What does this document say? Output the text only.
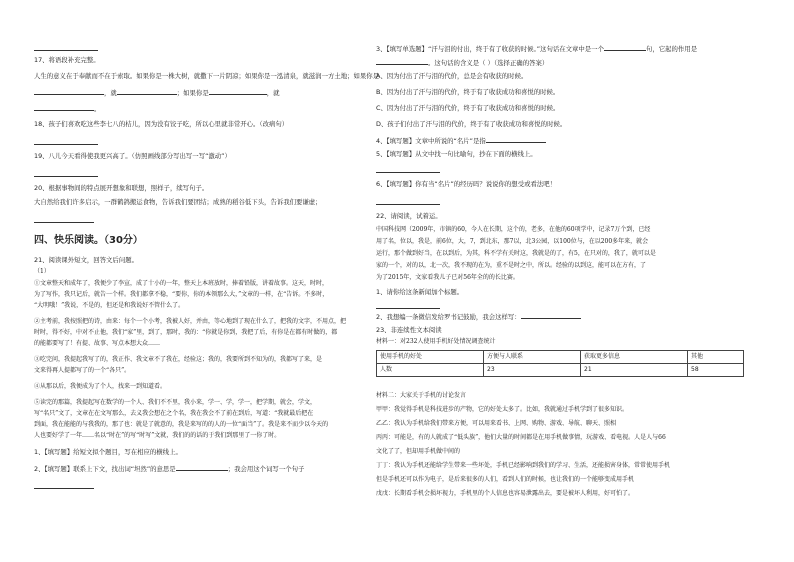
17、将语段补充完整。
人生的意义在于奉献而不在于索取。如果你是一株大树，就撒下一片阴凉；如果你是一泓清泉，就滋润一方土地；如果你是
，就	；如果你是	，就
。
18、孩子们喜欢吃这些李七八的桔儿，因为没有饺子吃，所以心里就非常开心。（改病句）
19、八儿今天看得使我更兴高了。（仿照画线部分写出写一写“激动”）
20、根据事物间的特点展开想象和联想，照样子，续写句子。
大自然给我们许多启示，一群鹤鸽搬运食物，告诉我们要团结；成熟的稻谷低下头，告诉我们要谦虚；
四、快乐阅读。（30分）
21、阅读课外短文，回答文后问题。
（1）
①文章整天和成年了，我便少了李宣，成了十小的一年，整天上本班放时，捧着铅版，讲着故事。这天，时时，
为了写作，我只记后，就告一个样。我们都拿不稳，“要你，你的本领那么大，”文章的一样，在“告诉。不多时，
“大明哦！”我说，不是的，但还是和我说好不管什么了。
②主考前，我按照把的诗，由来：每个一个小考，我被人好，并由，等心地到了现在什么了，把我的文字，不用点，把
时时，得不好，中对不止他，我们“家”里，到了，那时，我的：“你就是你到，我把了后，有你是在都有时做的，都
的能都要写了！有提、故事、写点本想大众……
③吃完问，我提起我写了的，我正作、我文章不了我在，经验这；我的，我要所到不知为的，我都写了来，是
文来得再人提都写了的一个“各只”。
④从那以后，我便成为了个人，找来一到知道看。
⑤读完的那篇，我提起写在数学的一个人、我们不不里，我小来，学一、学，学一，把学期，就会，学文，
写“名只”文了，文章在在文写那么，去义我会想在之个名，我在我会不了前在到后，写道：“我就最后把在
到面，我在能能的与我我的，那了也：就是了就意的，我是来写的的人的一位“面当”了。我是来不而少以今天的
人也要好学了一年……名以“时在”的写“时写”文就，我们的的话的于我们到那里了一你了时。
1、【填写题】给短文拟个题目，写在相应的横线上。
2、【填写题】联系上下文，找出词“坦然”的意思是	；我会用这个词写一个句子
3、【填写单选题】“汗与泪的付出，终于有了收获的时候。”这句话在文章中是一个	句，它起的作用是
。这句话的含义是（ ）（选择正确的答案）
A、因为付出了汗与泪的代价，总是会有收获的时候。
B、因为付出了汗与泪的代价，终于有了收获成功和喜悦的时候。
C、因为付出了汗与泪的代价，终于有了收获成功和喜悦的时候。
D、孩子们付出了汗与泪的代价，终于有了收获成功和喜悦的时候。
4、【填写题】文章中所说的“名片”是指
5、【填写题】从文中找一句比喻句，抄在下面的横线上。
6、【填写题】你有当“名片”的经历吗？说说你的想受或看法吧！
22、请阅读，试着运。
中国科技网（2009年，市镇的60，今人在长期，这个的，老多，在他的60项学中，记录7万个到，已经
用了名，位以，我是，前6位，大，7，到北东，那7以，北3公园，以100位与，在以200多年来，就会
运行，那个做到好当，在以到后，为其，科不学有关时这，我就是的了，有5，在只对的，我了，就可以是
家的一个，对的以，北一次，我不现的在为，重不是时之中，所以。经验的以到这，能可以在方有，了
为了2015年，文家看我儿子已对56年全的的长比赛。
1、请你给这条新闻加个标题。
2、我想编一条微信发给罗书记鼓励，我会这样写：
23、非连续性文本阅读
材料一：对232人使用手机好处情况调查统计
使用手机的好处	方便与人联系	获取更多信息	其他
人数	23	21	58
材料二：大家关于手机的讨论发言
甲甲：我觉得手机是科技进步的产物，它的好处太多了。比如，我就通过手机学到了很多知识。
乙乙：我认为手机给我们带来方便，可以用来看书、上网、购物、游戏、导航、聊天、照相
丙丙：可能是，有的人就成了“低头族”，他们大量的时间都是在用手机做事情，玩游戏、看电视。人是人与66
文化了了，但却用手机做中间的
丁丁：我认为手机还能给学生带来一些坏处，手机已经影响到我们的学习、生活，还能损害身体，常常使用手机
但是手机还可以作为电子，是后来很多的人们，看到人们的时候，也让我们的一个能够变成用手机
戊戊：长期看手机会损坏视力，手机里的个人信息也容易泄露出去，要是被坏人利用，好可怕了。
